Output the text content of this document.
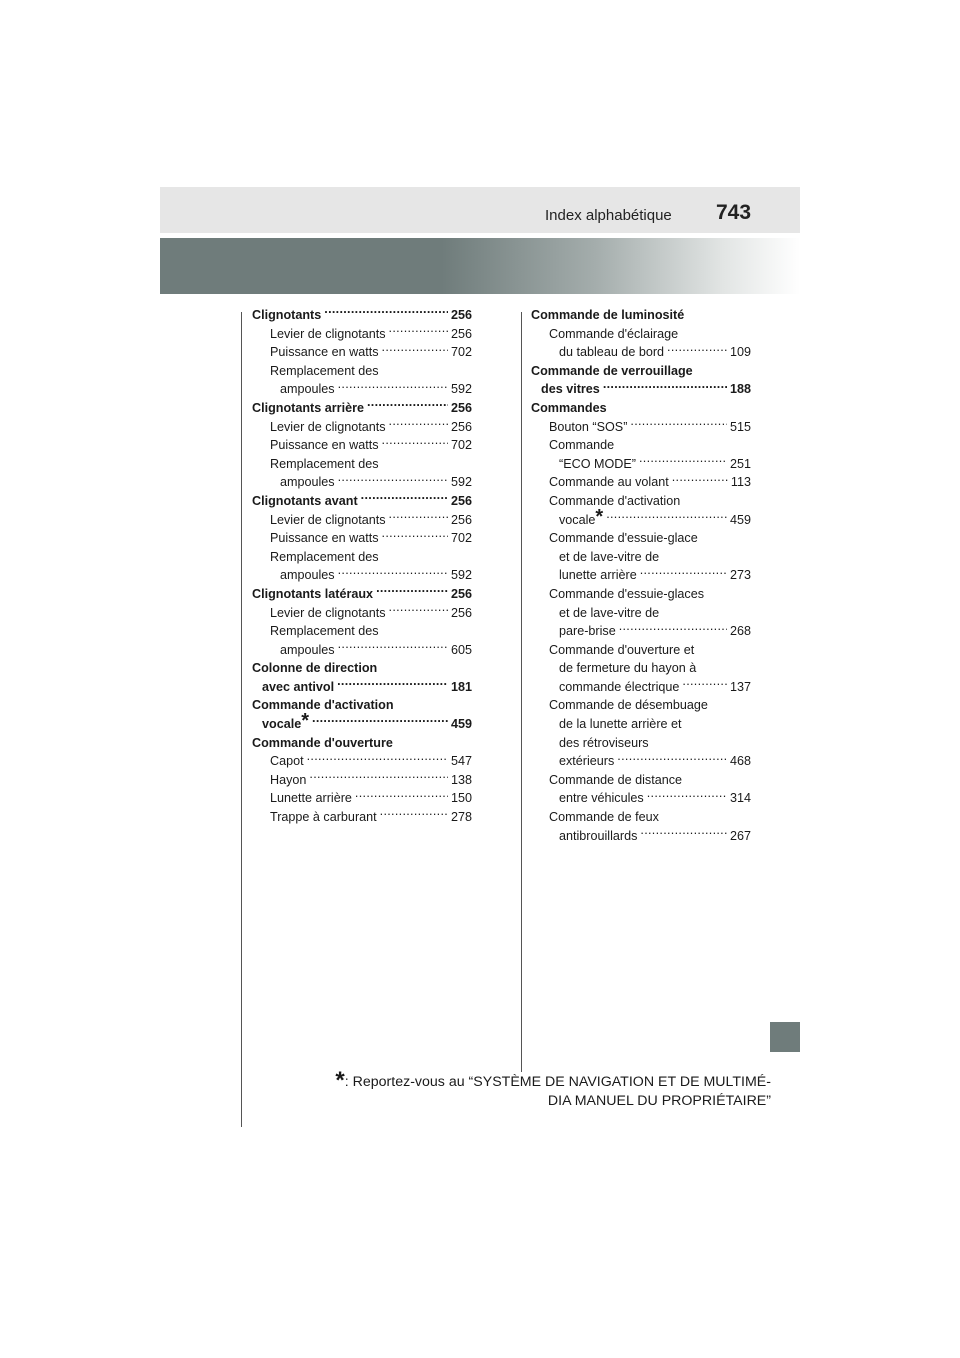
Index alphabétique 743
Clignotants .....	256
Levier de clignotants .....	256
Puissance en watts .....	702
Remplacement des
ampoules .....	592
Clignotants arrière .....	256
Levier de clignotants .....	256
Puissance en watts .....	702
Remplacement des
ampoules .....	592
Clignotants avant .....	256
Levier de clignotants .....	256
Puissance en watts .....	702
Remplacement des
ampoules .....	592
Clignotants latéraux .....	256
Levier de clignotants .....	256
Remplacement des
ampoules .....	605
Colonne de direction
avec antivol .....	181
Commande d'activation
vocale * .....	459
Commande d'ouverture
Capot .....	547
Hayon .....	138
Lunette arrière .....	150
Trappe à carburant .....	278
Commande de luminosité
Commande d'éclairage
du tableau de bord .....	109
Commande de verrouillage
des vitres .....	188
Commandes
Bouton “SOS” .....	515
Commande
“ECO MODE” .....	251
Commande au volant .....	113
Commande d'activation
vocale * .....	459
Commande d'essuie-glace
et de lave-vitre de
lunette arrière .....	273
Commande d'essuie-glaces
et de lave-vitre de
pare-brise .....	268
Commande d'ouverture et
de fermeture du hayon à
commande électrique .....	137
Commande de désembuage
de la lunette arrière et
des rétroviseurs
extérieurs .....	468
Commande de distance
entre véhicules .....	314
Commande de feux
antibrouillards .....	267
*: Reportez-vous au “SYSTÈME DE NAVIGATION ET DE MULTIMÉ-
DIA MANUEL DU PROPRIÉTAIRE”
